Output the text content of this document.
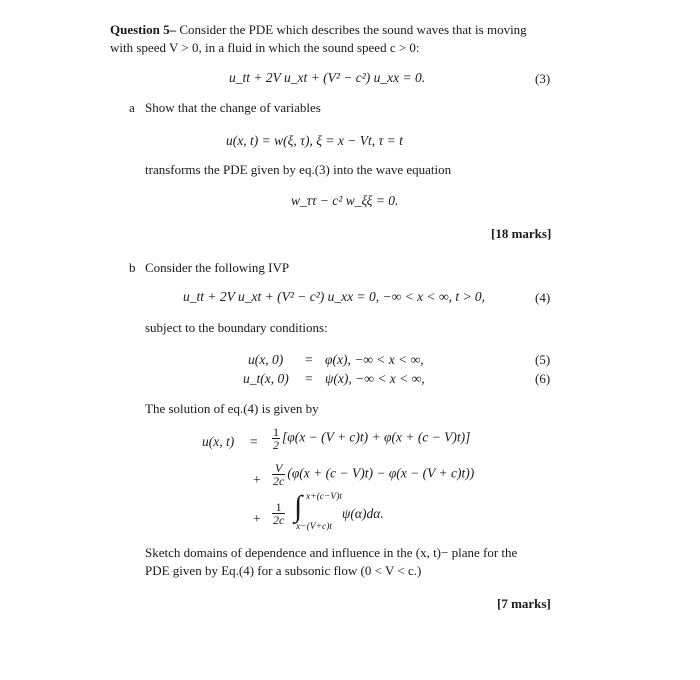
Question 5– Consider the PDE which describes the sound waves that is moving
with speed V > 0, in a fluid in which the sound speed c > 0:
u_tt + 2V u_xt + (V² − c²) u_xx = 0.	(3)
a Show that the change of variables
u(x, t) = w(ξ, τ), ξ = x − Vt, τ = t
transforms the PDE given by eq.(3) into the wave equation
w_ττ − c² w_ξξ = 0.
[18 marks]
b Consider the following IVP
u_tt + 2V u_xt + (V² − c²) u_xx = 0, −∞ < x < ∞, t > 0,	(4)
subject to the boundary conditions:
u(x, 0) = φ(x), −∞ < x < ∞,	(5)
u_t(x, 0) = ψ(x), −∞ < x < ∞,	(6)
The solution of eq.(4) is given by
u(x, $t) = \frac{1}{2} [\varphi(x - (V + c)t) + \varphi(x + (c - V)t)]$
+ $\frac{V}{2c} (\varphi(x + (c - V)t) - \varphi(x - (V + c)t))$
+ $\frac{1}{2c}$ ∫ x+(c−V)t
x−(V+c)t
ψ(α)dα.
Sketch domains of dependence and influence in the (x, t)− plane for the
PDE given by Eq.(4) for a subsonic flow (0 < V < c.)
[7 marks]
